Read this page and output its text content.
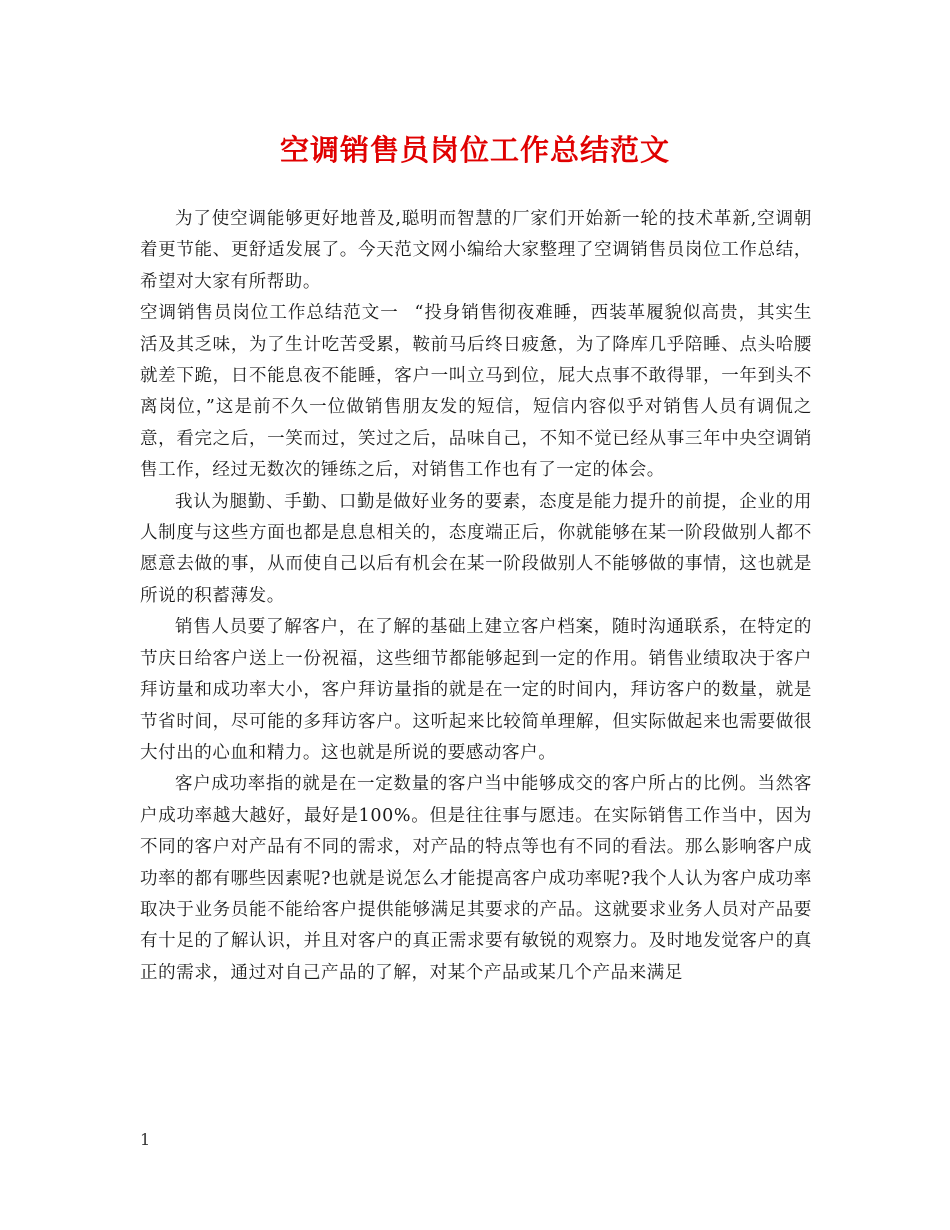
空调销售员岗位工作总结范文

为了使空调能够更好地普及,聪明而智慧的厂家们开始新一轮的技术革新,空调朝着更节能、更舒适发展了。今天范文网小编给大家整理了空调销售员岗位工作总结，希望对大家有所帮助。

空调销售员岗位工作总结范文一 “投身销售彻夜难睡，西装革履貌似高贵，其实生活及其乏味，为了生计吃苦受累，鞍前马后终日疲惫，为了降库几乎陪睡、点头哈腰就差下跪，日不能息夜不能睡，客户一叫立马到位，屁大点事不敢得罪，一年到头不离岗位，”这是前不久一位做销售朋友发的短信，短信内容似乎对销售人员有调侃之意，看完之后，一笑而过，笑过之后，品味自己，不知不觉已经从事三年中央空调销售工作，经过无数次的锤练之后，对销售工作也有了一定的体会。

我认为腿勤、手勤、口勤是做好业务的要素，态度是能力提升的前提，企业的用人制度与这些方面也都是息息相关的，态度端正后，你就能够在某一阶段做别人都不愿意去做的事，从而使自己以后有机会在某一阶段做别人不能够做的事情，这也就是所说的积蓄薄发。

销售人员要了解客户，在了解的基础上建立客户档案，随时沟通联系，在特定的节庆日给客户送上一份祝福，这些细节都能够起到一定的作用。销售业绩取决于客户拜访量和成功率大小，客户拜访量指的就是在一定的时间内，拜访客户的数量，就是节省时间，尽可能的多拜访客户。这听起来比较简单理解，但实际做起来也需要做很大付出的心血和精力。这也就是所说的要感动客户。

客户成功率指的就是在一定数量的客户当中能够成交的客户所占的比例。当然客户成功率越大越好，最好是100%。但是往往事与愿违。在实际销售工作当中，因为不同的客户对产品有不同的需求，对产品的特点等也有不同的看法。那么影响客户成功率的都有哪些因素呢?也就是说怎么才能提高客户成功率呢?我个人认为客户成功率取决于业务员能不能给客户提供能够满足其要求的产品。这就要求业务人员对产品要有十足的了解认识，并且对客户的真正需求要有敏锐的观察力。及时地发觉客户的真正的需求，通过对自己产品的了解，对某个产品或某几个产品来满足

1
